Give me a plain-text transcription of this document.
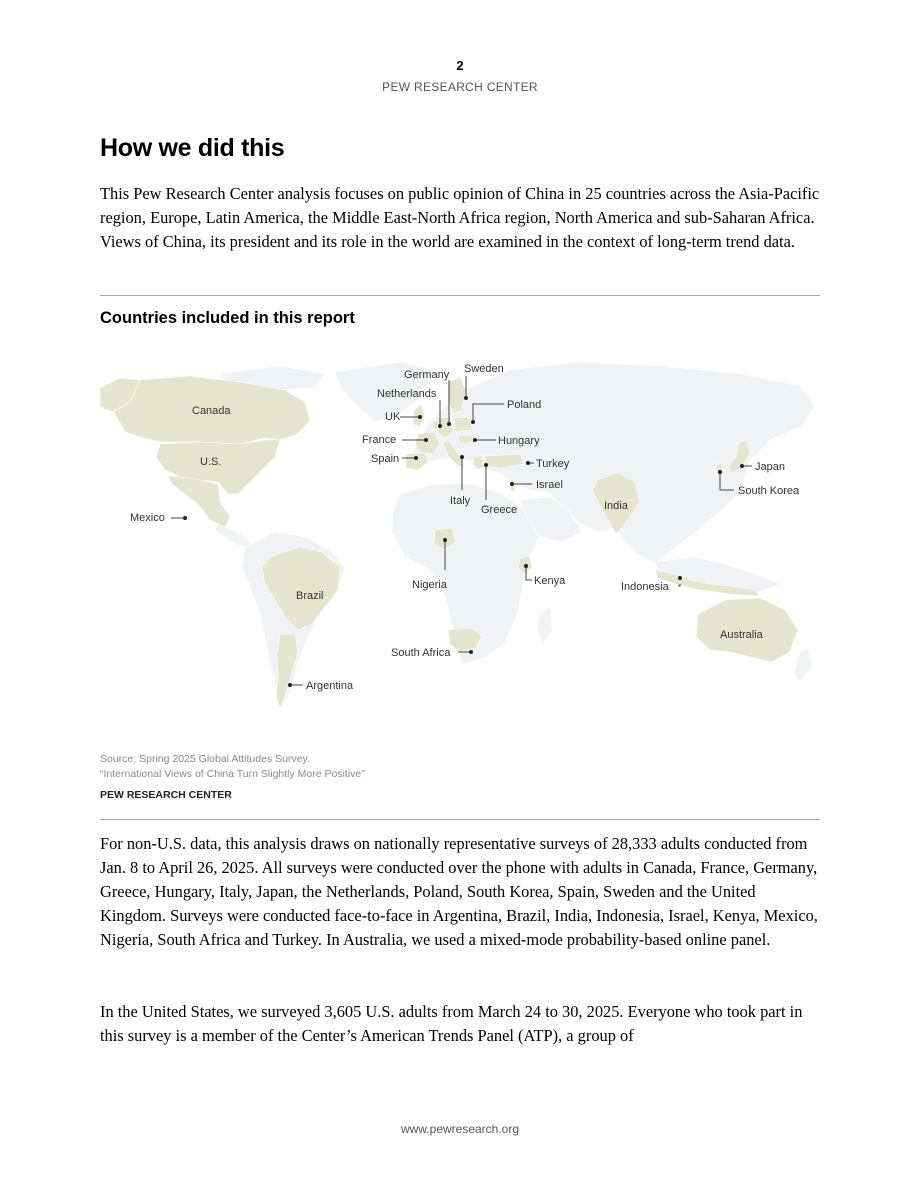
2
PEW RESEARCH CENTER
How we did this

This Pew Research Center analysis focuses on public opinion of China in 25 countries across the Asia-Pacific region, Europe, Latin America, the Middle East-North Africa region, North America and sub-Saharan Africa. Views of China, its president and its role in the world are examined in the context of long-term trend data.

Countries included in this report
Canada
U.S.
Mexico
Brazil
Argentina
Germany Sweden
Netherlands
UK
Poland
France	Hungary
Spain	Turkey
Israel
Italy
Greece
Japan
South Korea
India
Nigeria	Kenya	Indonesia
South Africa
Australia
Source: Spring 2025 Global Attitudes Survey.
“International Views of China Turn Slightly More Positive”
PEW RESEARCH CENTER

For non-U.S. data, this analysis draws on nationally representative surveys of 28,333 adults conducted from Jan. 8 to April 26, 2025. All surveys were conducted over the phone with adults in Canada, France, Germany, Greece, Hungary, Italy, Japan, the Netherlands, Poland, South Korea, Spain, Sweden and the United Kingdom. Surveys were conducted face-to-face in Argentina, Brazil, India, Indonesia, Israel, Kenya, Mexico, Nigeria, South Africa and Turkey. In Australia, we used a mixed-mode probability-based online panel.

In the United States, we surveyed 3,605 U.S. adults from March 24 to 30, 2025. Everyone who took part in this survey is a member of the Center’s American Trends Panel (ATP), a group of

www.pewresearch.org
